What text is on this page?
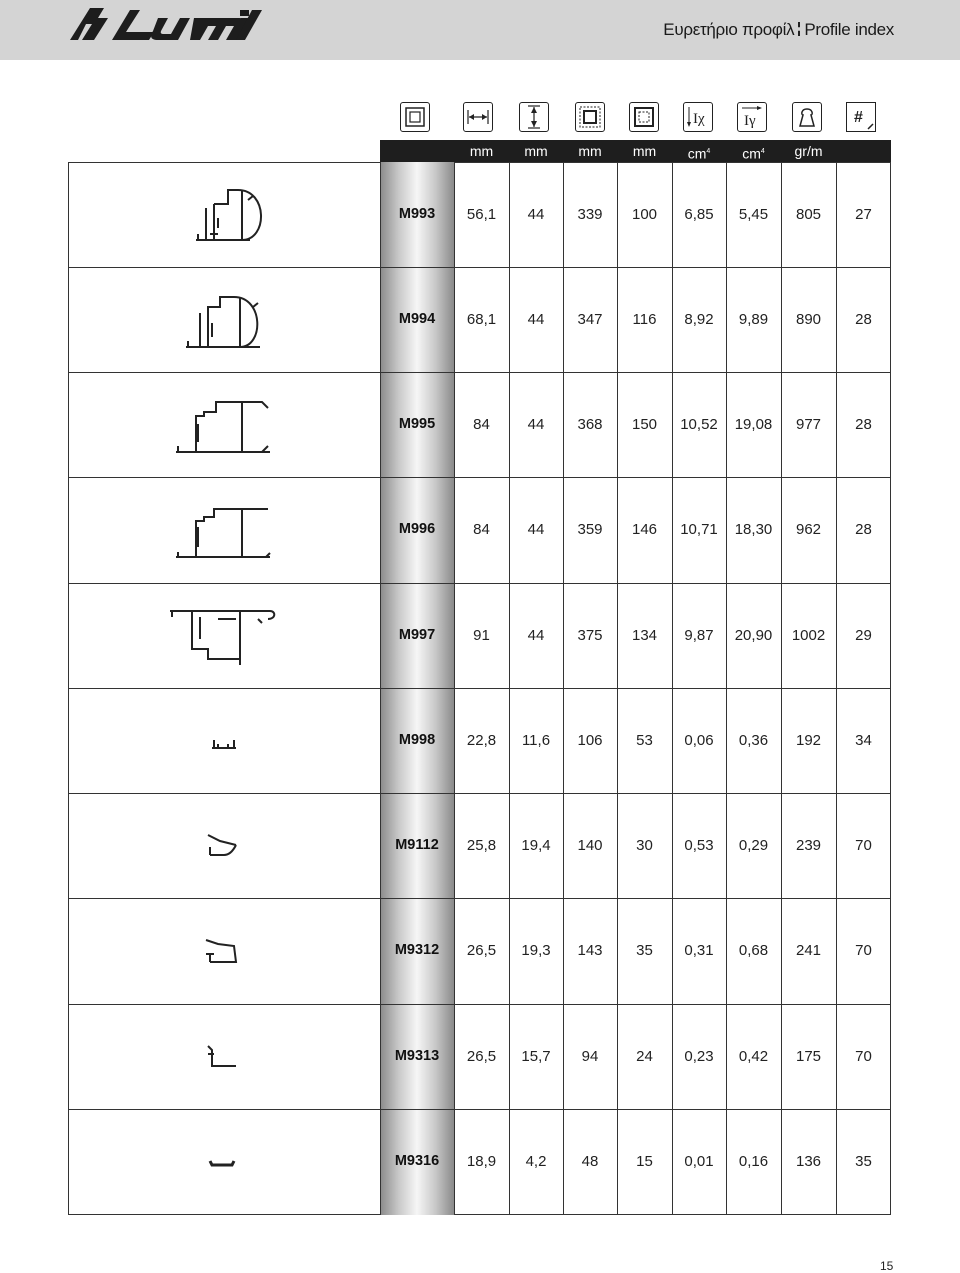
Ευρετήριο προφίλ Profile index
Iχ	Iγ	#
mm	mm	mm	mm	$cm^4$	$cm^4$	gr/m
M993	56,1	44	339	100	6,85	5,45	805	27
M994	68,1	44	347	116	8,92	9,89	890	28
M995	84	44	368	150	10,52	19,08	977	28
M996	84	44	359	146	10,71	18,30	962	28
M997	91	44	375	134	9,87	20,90	1002	29
M998	22,8	11,6	106	53	0,06	0,36	192	34
M9112	25,8	19,4	140	30	0,53	0,29	239	70
M9312	26,5	19,3	143	35	0,31	0,68	241	70
M9313	26,5	15,7	94	24	0,23	0,42	175	70
M9316	18,9	4,2	48	15	0,01	0,16	136	35
15
